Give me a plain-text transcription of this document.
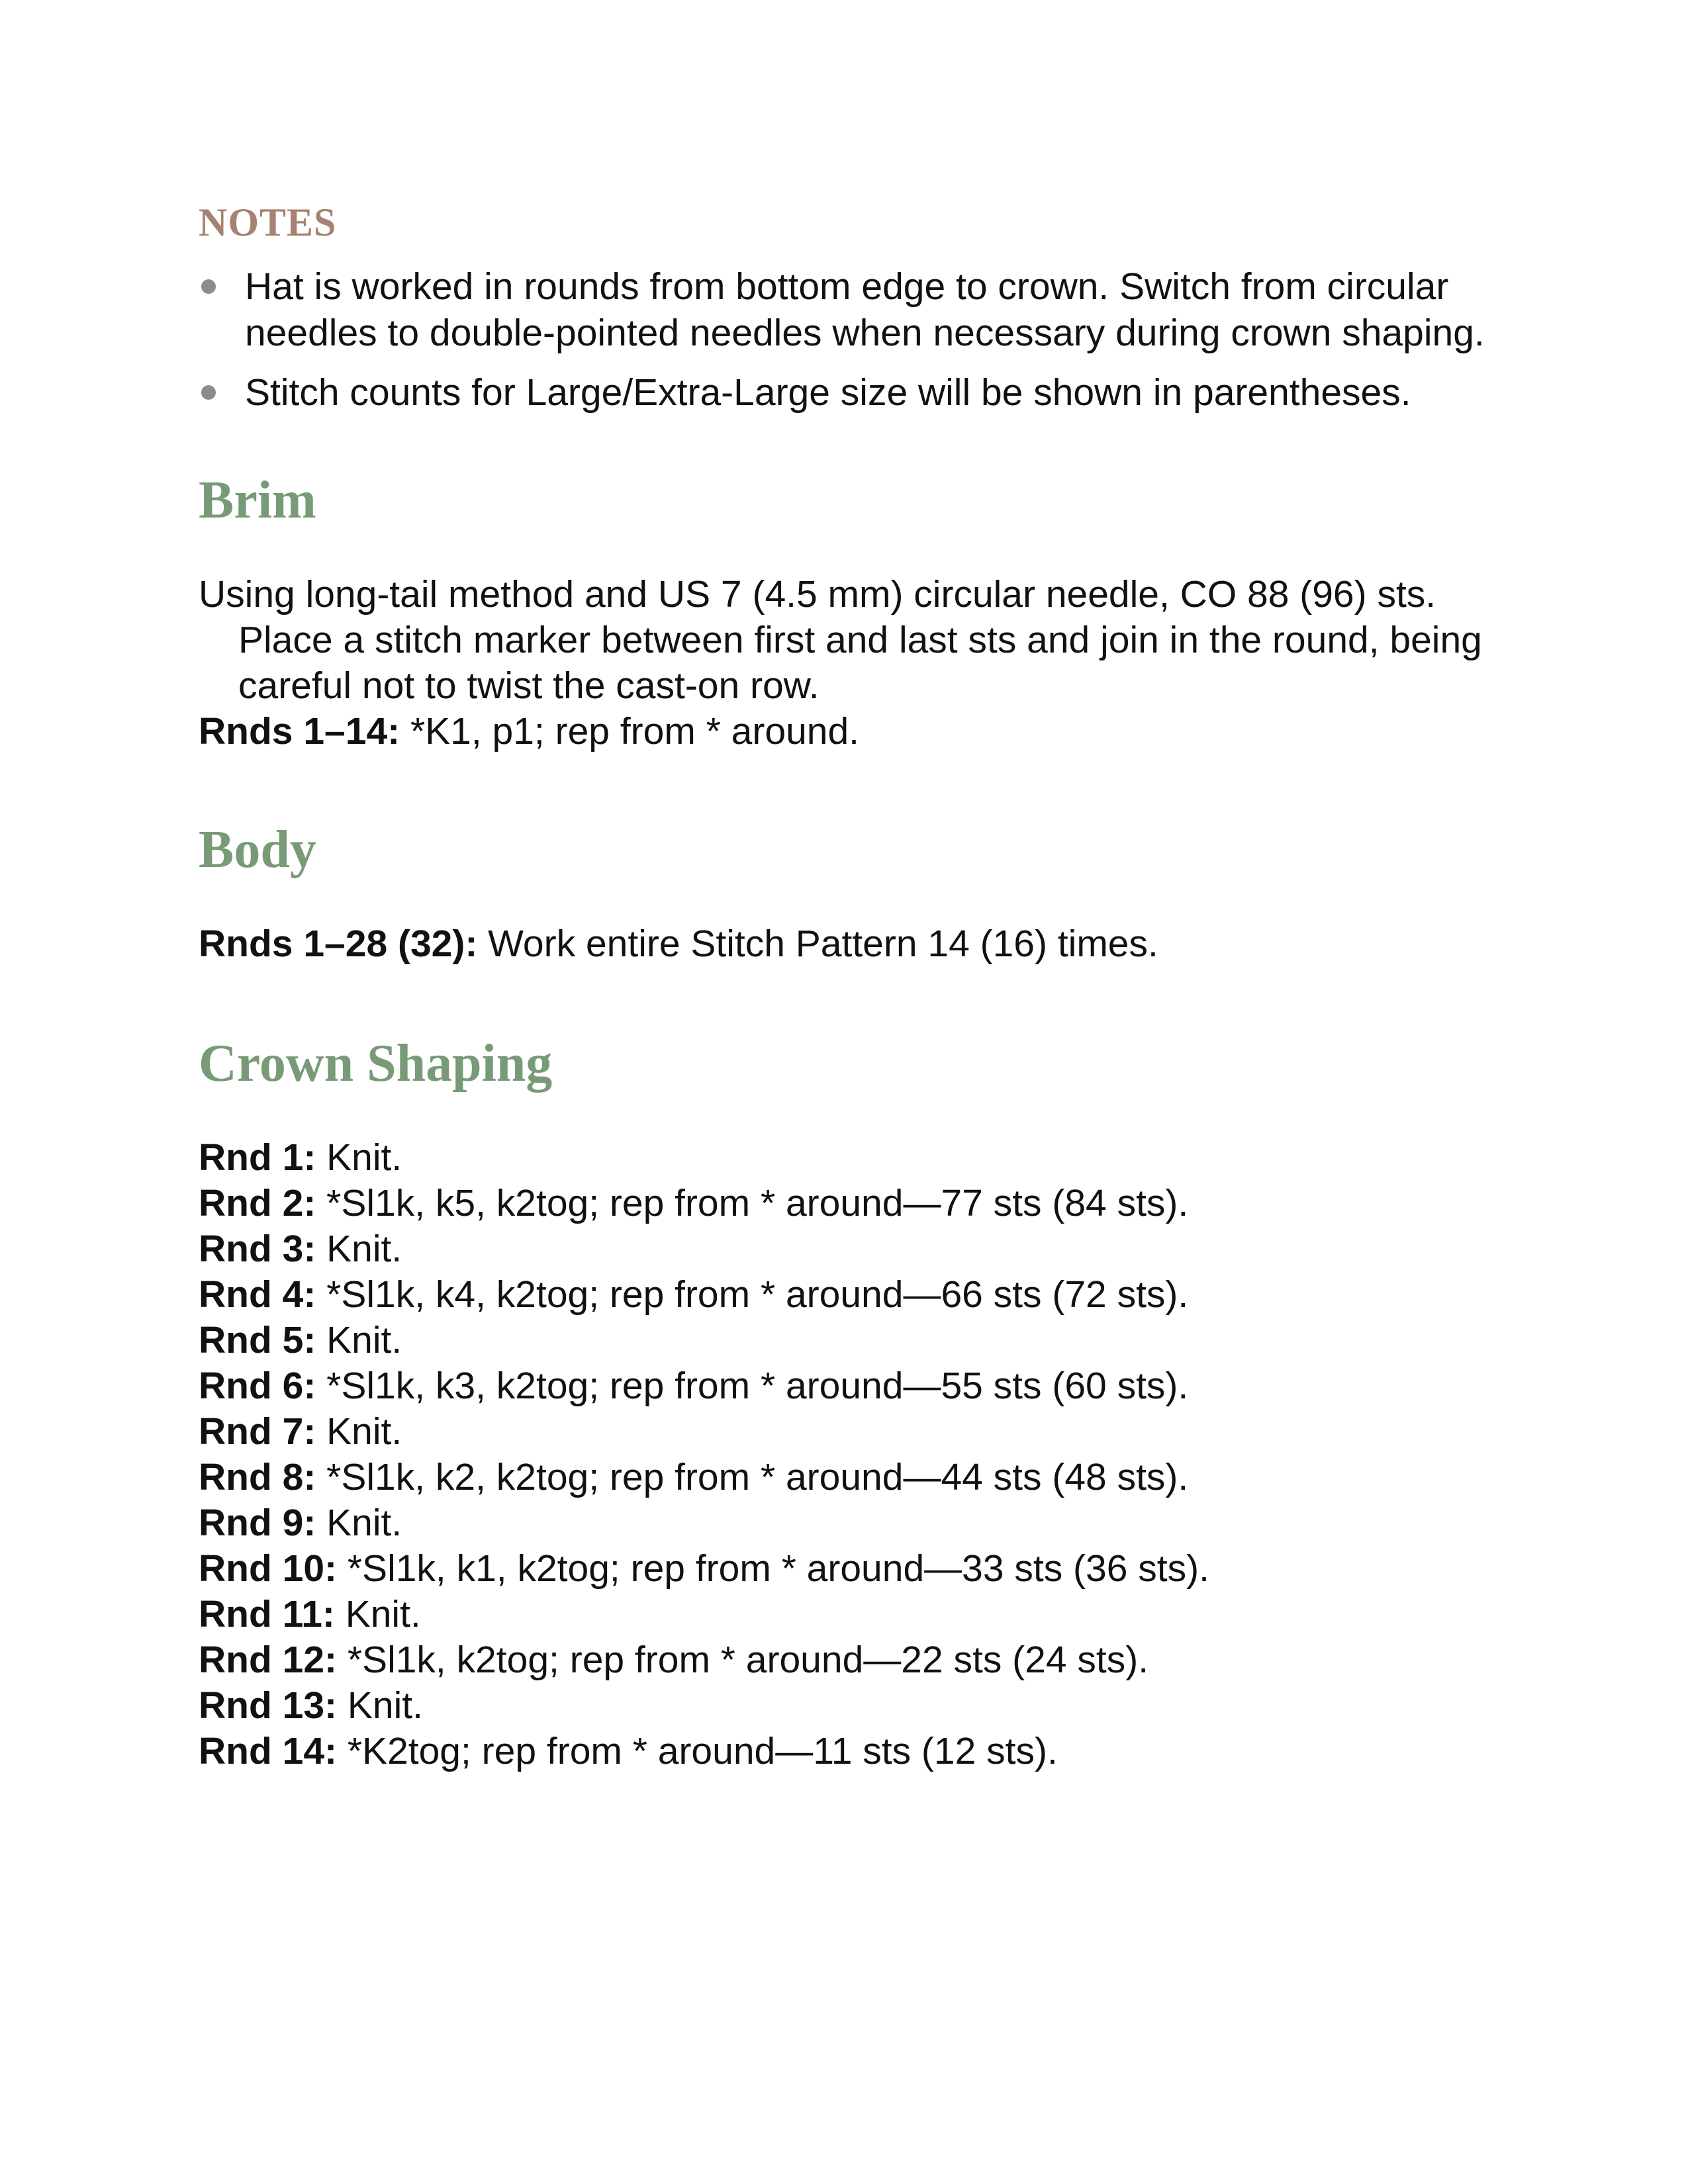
NOTES
Hat is worked in rounds from bottom edge to crown. Switch from circular needles to double-pointed needles when necessary during crown shaping.
Stitch counts for Large/Extra-Large size will be shown in parentheses.
Brim

Using long-tail method and US 7 (4.5 mm) circular needle, CO 88 (96) sts. Place a stitch marker between first and last sts and join in the round, being careful not to twist the cast-on row.

Rnds 1–14: *K1, p1; rep from * around.

Body

Rnds 1–28 (32): Work entire Stitch Pattern 14 (16) times.

Crown Shaping

Rnd 1: Knit.

Rnd 2: *Sl1k, k5, k2tog; rep from * around—77 sts (84 sts).

Rnd 3: Knit.

Rnd 4: *Sl1k, k4, k2tog; rep from * around—66 sts (72 sts).

Rnd 5: Knit.

Rnd 6: *Sl1k, k3, k2tog; rep from * around—55 sts (60 sts).

Rnd 7: Knit.

Rnd 8: *Sl1k, k2, k2tog; rep from * around—44 sts (48 sts).

Rnd 9: Knit.

Rnd 10: *Sl1k, k1, k2tog; rep from * around—33 sts (36 sts).

Rnd 11: Knit.

Rnd 12: *Sl1k, k2tog; rep from * around—22 sts (24 sts).

Rnd 13: Knit.

Rnd 14: *K2tog; rep from * around—11 sts (12 sts).
